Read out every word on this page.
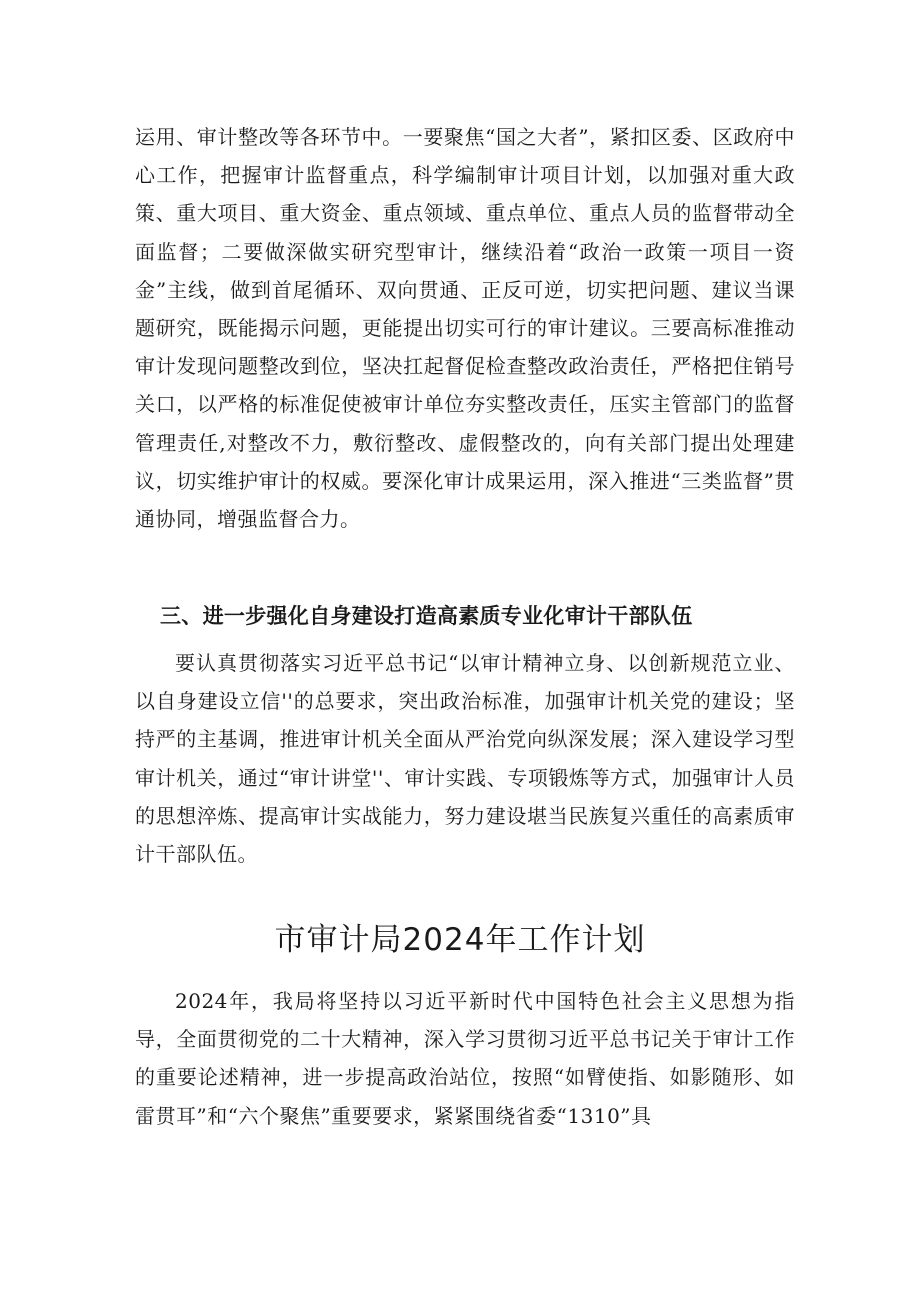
运用、审计整改等各环节中。一要聚焦“国之大者”，紧扣区委、区政府中心工作，把握审计监督重点，科学编制审计项目计划，以加强对重大政策、重大项目、重大资金、重点领域、重点单位、重点人员的监督带动全面监督；二要做深做实研究型审计，继续沿着“政治一政策一项目一资金”主线，做到首尾循环、双向贯通、正反可逆，切实把问题、建议当课题研究，既能揭示问题，更能提出切实可行的审计建议。三要高标准推动审计发现问题整改到位，坚决扛起督促检查整改政治责任，严格把住销号关口，以严格的标准促使被审计单位夯实整改责任，压实主管部门的监督管理责任,对整改不力，敷衍整改、虚假整改的，向有关部门提出处理建议，切实维护审计的权威。要深化审计成果运用，深入推进“三类监督”贯通协同，增强监督合力。

三、进一步强化自身建设打造高素质专业化审计干部队伍

要认真贯彻落实习近平总书记“以审计精神立身、以创新规范立业、以自身建设立信''的总要求，突出政治标准，加强审计机关党的建设；坚持严的主基调，推进审计机关全面从严治党向纵深发展；深入建设学习型审计机关，通过“审计讲堂''、审计实践、专项锻炼等方式，加强审计人员的思想淬炼、提高审计实战能力，努力建设堪当民族复兴重任的高素质审计干部队伍。

市审计局2024年工作计划

2024年，我局将坚持以习近平新时代中国特色社会主义思想为指导，全面贯彻党的二十大精神，深入学习贯彻习近平总书记关于审计工作的重要论述精神，进一步提高政治站位，按照“如臂使指、如影随形、如雷贯耳”和“六个聚焦”重要要求，紧紧围绕省委“1310”具
